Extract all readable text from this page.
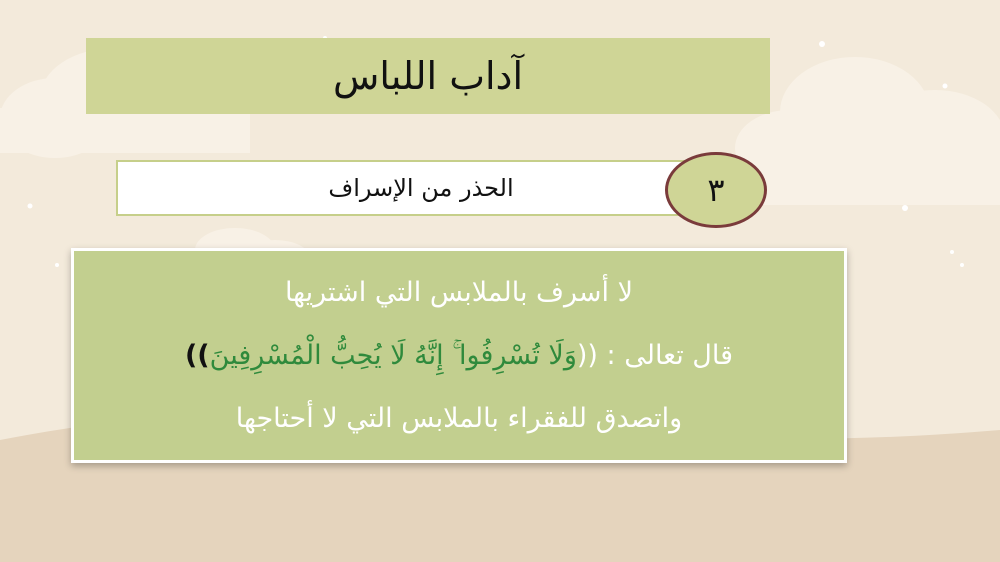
آداب اللباس
الحذر من الإسراف	٣
لا أسرف بالملابس التي اشتريها
قال تعالى : ((وَلَا تُسْرِفُوا ۚ إِنَّهُ لَا يُحِبُّ الْمُسْرِفِينَ))
واتصدق للفقراء بالملابس التي لا أحتاجها
